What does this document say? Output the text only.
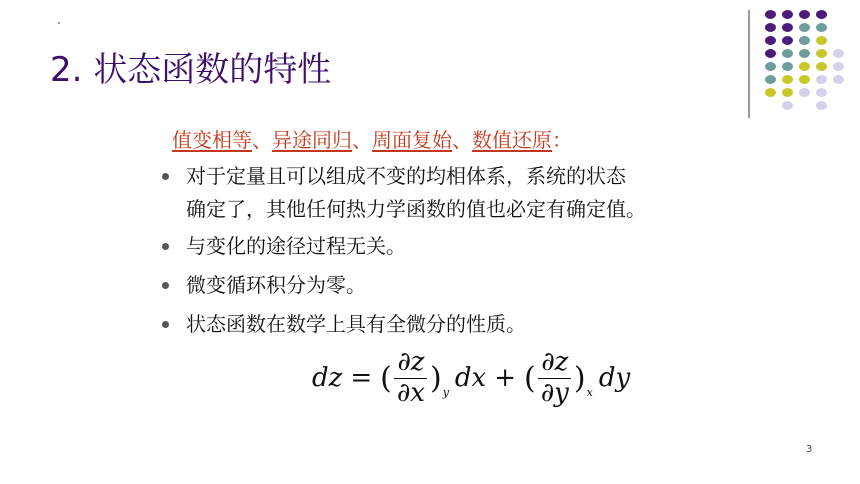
2. 状态函数的特性
值变相等、异途同归、周面复始、数值还原：
对于定量且可以组成不变的均相体系，系统的状态
确定了，其他任何热力学函数的值也必定有确定值。
与变化的途径过程无关。
微变循环积分为零。
状态函数在数学上具有全微分的性质。
dz = ( $\frac{\partial z}{\partial x}$ ) y dx + ( $\frac{\partial z}{\partial y}$ ) x dy
3
